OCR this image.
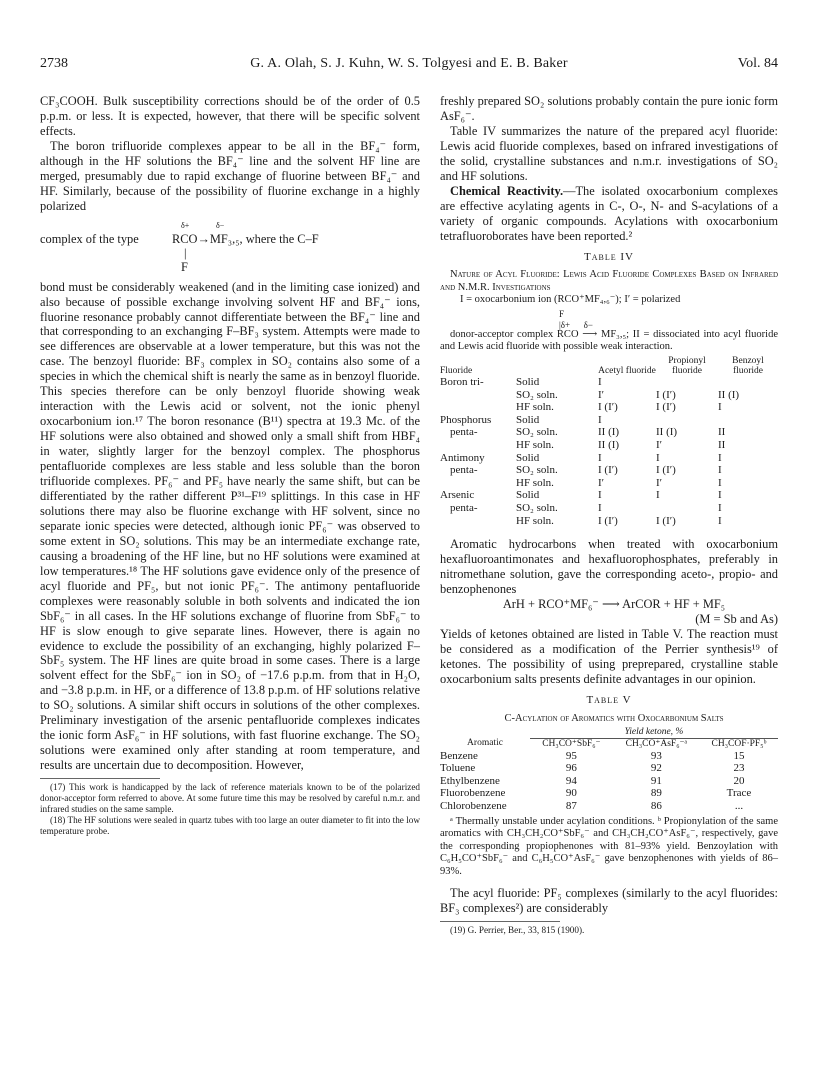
2738	G. A. Olah, S. J. Kuhn, W. S. Tolgyesi and E. B. Baker	Vol. 84

CF₃COOH. Bulk susceptibility corrections should be of the order of 0.5 p.p.m. or less. It is expected, however, that there will be specific solvent effects.

The boron trifluoride complexes appear to be all in the BF₄⁻ form, although in the HF solutions the BF₄⁻ line and the solvent HF line are merged, presumably due to rapid exchange of fluorine between BF₄⁻ and HF. Similarly, because of the possibility of fluorine exchange in a highly polarized

complex of the type
δ+	δ−
RCO→MF₃,₅, where the C–F
|
F

bond must be considerably weakened (and in the limiting case ionized) and also because of possible exchange involving solvent HF and BF₄⁻ ions, fluorine resonance probably cannot differentiate between the BF₄⁻ line and that corresponding to an exchanging F–BF₃ system. Attempts were made to see differences are observable at a lower temperature, but this was not the case. The benzoyl fluoride: BF₃ complex in SO₂ contains also some of a species in which the chemical shift is nearly the same as in benzoyl fluoride. This species therefore can be only benzoyl fluoride showing weak interaction with the Lewis acid or solvent, not the ionic phenyl oxocarbonium ion.¹⁷ The boron resonance (B¹¹) spectra at 19.3 Mc. of the HF solutions were also obtained and showed only a small shift from HBF₄ in water, slightly larger for the benzoyl complex. The phosphorus pentafluoride complexes are less stable and less soluble than the boron trifluoride complexes. PF₆⁻ and PF₅ have nearly the same shift, but can be differentiated by the rather different P³¹–F¹⁹ splittings. In this case in HF solutions there may also be fluorine exchange with HF solvent, since no separate ionic species were detected, although ionic PF₆⁻ was observed to some extent in SO₂ solutions. This may be an intermediate exchange rate, causing a broadening of the HF line, but no HF solutions were examined at low temperatures.¹⁸ The HF solutions gave evidence only of the presence of acyl fluoride and PF₅, but not ionic PF₆⁻. The antimony pentafluoride complexes were reasonably soluble in both solvents and indicated the ion SbF₆⁻ in all cases. In the HF solutions exchange of fluorine from SbF₆⁻ to HF is slow enough to give separate lines. However, there is again no evidence to exclude the possibility of an exchanging, highly polarized F–SbF₅ system. The HF lines are quite broad in some cases. There is a large solvent effect for the SbF₆⁻ ion in SO₂ of −17.6 p.p.m. from that in H₂O, and −3.8 p.p.m. in HF, or a difference of 13.8 p.p.m. of HF solutions relative to SO₂ solutions. A similar shift occurs in solutions of the other complexes. Preliminary investigation of the arsenic pentafluoride complexes indicates the ionic form AsF₆⁻ in HF solutions, with fast fluorine exchange. The SO₂ solutions were examined only after standing at room temperature, and results are uncertain due to decomposition. However,

(17) This work is handicapped by the lack of reference materials known to be of the polarized donor-acceptor form referred to above. At some future time this may be resolved by careful n.m.r. and infrared studies on the same sample.

(18) The HF solutions were sealed in quartz tubes with too large an outer diameter to fit into the low temperature probe.

freshly prepared SO₂ solutions probably contain the pure ionic form AsF₆⁻.

Table IV summarizes the nature of the prepared acyl fluoride: Lewis acid fluoride complexes, based on infrared investigations of the solid, crystalline substances and n.m.r. investigations of SO₂ and HF solutions.

Chemical Reactivity.—The isolated oxocarbonium complexes are effective acylating agents in C-, O-, N- and S-acylations of a variety of organic compounds. Acylations with oxocarbonium tetrafluoroborates have been reported.²

Table IV

Nature of Acyl Fluoride: Lewis Acid Fluoride Complexes Based on Infrared and N.M.R. Investigations

I = oxocarbonium ion (RCO⁺MF₄,₆⁻); I′ = polarized

F
|δ+      δ−

donor-acceptor complex RCO ⟶ MF₃,₅; II = dissociated into acyl fluoride and Lewis acid fluoride with possible weak interaction.

Fluoride		Acetyl fluoride	Propionyl fluoride	Benzoyl fluoride
Boron tri-	Solid	I		
	SO₂ soln.	I′	I (I′)	II (I)
	HF soln.	I (I′)	I (I′)	I
Phosphorus	Solid	I		
penta-	SO₂ soln.	II (I)	II (I)	II
	HF soln.	II (I)	I′	II
Antimony	Solid	I	I	I
penta-	SO₂ soln.	I (I′)	I (I′)	I
	HF soln.	I′	I′	I
Arsenic	Solid	I	I	I
penta-	SO₂ soln.	I		I
	HF soln.	I (I′)	I (I′)	I

Aromatic hydrocarbons when treated with oxocarbonium hexafluoroantimonates and hexafluorophosphates, preferably in nitromethane solution, gave the corresponding aceto-, propio- and benzophenones

ArH + RCO⁺MF₆⁻ ⟶ ArCOR + HF + MF₅

(M = Sb and As)

Yields of ketones obtained are listed in Table V. The reaction must be considered as a modification of the Perrier synthesis¹⁹ of ketones. The possibility of using preprepared, crystalline stable oxocarbonium salts presents definite advantages in our opinion.

Table V

C-Acylation of Aromatics with Oxocarbonium Salts

	Yield ketone, %		
Aromatic	CH₃CO⁺SbF₆⁻	CH₃CO⁺AsF₆⁻ᵃ	CH₃COF·PF₅ᵇ
Benzene	95	93	15
Toluene	96	92	23
Ethylbenzene	94	91	20
Fluorobenzene	90	89	Trace
Chlorobenzene	87	86	...

ᵃ Thermally unstable under acylation conditions. ᵇ Propionylation of the same aromatics with CH₃CH₂CO⁺SbF₆⁻ and CH₃CH₂CO⁺AsF₆⁻, respectively, gave the corresponding propiophenones with 81–93% yield. Benzoylation with C₆H₅CO⁺SbF₆⁻ and C₆H₅CO⁺AsF₆⁻ gave benzophenones with yields of 86–93%.

The acyl fluoride: PF₅ complexes (similarly to the acyl fluorides: BF₃ complexes²) are considerably

(19) G. Perrier, Ber., 33, 815 (1900).
